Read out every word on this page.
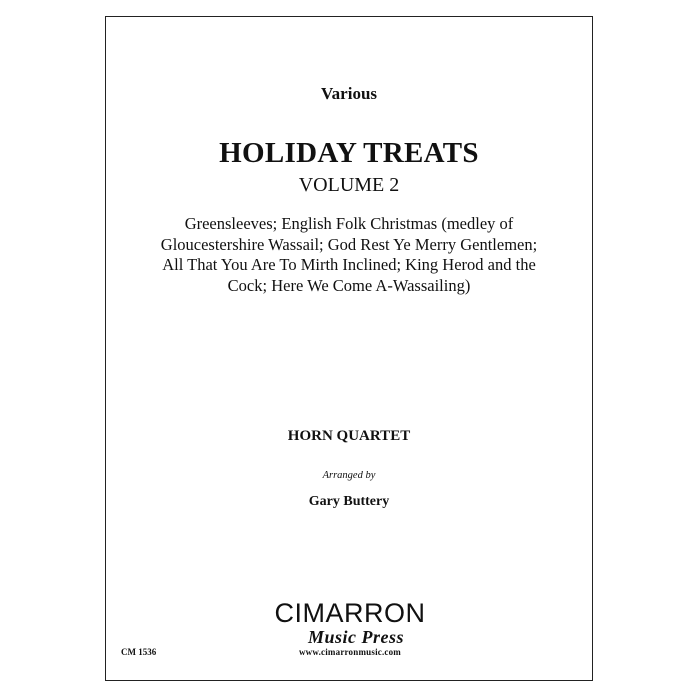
Various
HOLIDAY TREATS
VOLUME 2
Greensleeves; English Folk Christmas (medley of
Gloucestershire Wassail; God Rest Ye Merry Gentlemen;
All That You Are To Mirth Inclined; King Herod and the
Cock; Here We Come A-Wassailing)
HORN QUARTET
Arranged by
Gary Buttery
CIMARRON
Music Press
www.cimarronmusic.com
CM 1536
